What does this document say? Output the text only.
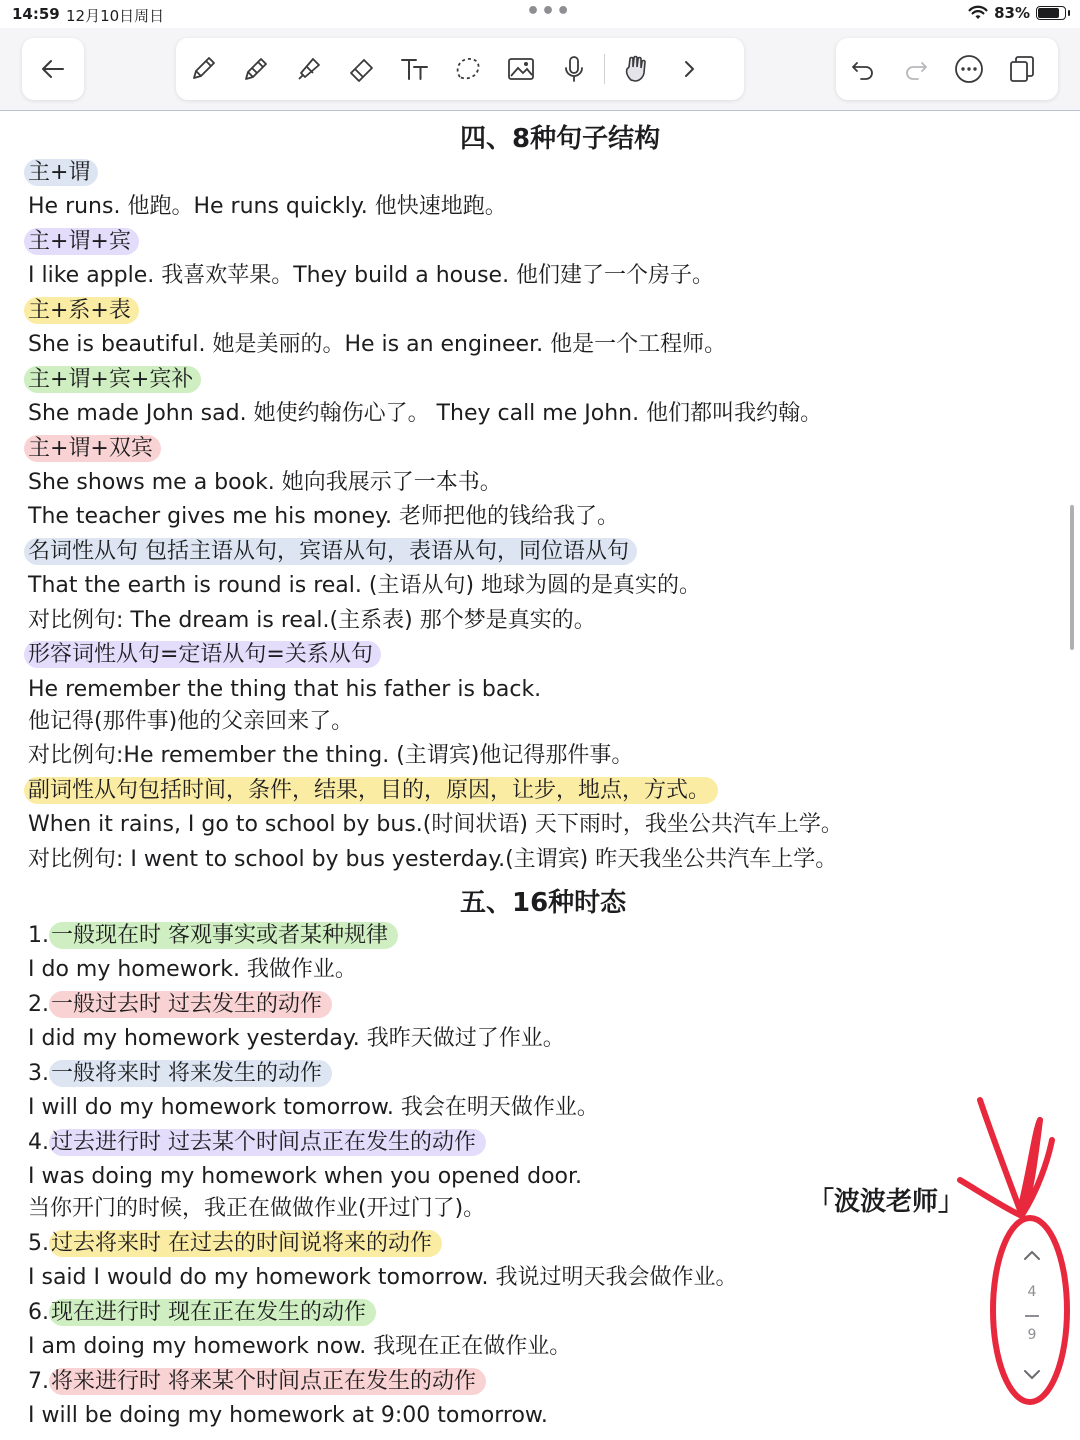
14:59 12月10日周日	•••	83%
四、8种句子结构
主+谓
He runs. 他跑。He runs quickly. 他快速地跑。
主+谓+宾
I like apple. 我喜欢苹果。They build a house. 他们建了一个房子。
主+系+表
She is beautiful. 她是美丽的。He is an engineer. 他是一个工程师。
主+谓+宾+宾补
She made John sad. 她使约翰伤心了。 They call me John. 他们都叫我约翰。
主+谓+双宾
She shows me a book. 她向我展示了一本书。
The teacher gives me his money. 老师把他的钱给我了。
名词性从句 包括主语从句，宾语从句，表语从句，同位语从句
That the earth is round is real. (主语从句) 地球为圆的是真实的。
对比例句: The dream is real.(主系表) 那个梦是真实的。
形容词性从句=定语从句=关系从句
He remember the thing that his father is back.
他记得(那件事)他的父亲回来了。
对比例句:He remember the thing. (主谓宾)他记得那件事。
副词性从句包括时间，条件，结果，目的，原因，让步，地点，方式。
When it rains, I go to school by bus.(时间状语) 天下雨时，我坐公共汽车上学。
对比例句: I went to school by bus yesterday.(主谓宾) 昨天我坐公共汽车上学。
五、16种时态
1.一般现在时 客观事实或者某种规律
I do my homework. 我做作业。
2.一般过去时 过去发生的动作
I did my homework yesterday. 我昨天做过了作业。
3.一般将来时 将来发生的动作
I will do my homework tomorrow. 我会在明天做作业。
4.过去进行时 过去某个时间点正在发生的动作
I was doing my homework when you opened door.
当你开门的时候，我正在做做作业(开过门了)。
5.过去将来时 在过去的时间说将来的动作
I said I would do my homework tomorrow. 我说过明天我会做作业。
6.现在进行时 现在正在发生的动作
I am doing my homework now. 我现在正在做作业。
7.将来进行时 将来某个时间点正在发生的动作
I will be doing my homework at 9:00 tomorrow.
「波波老师」
4
9
